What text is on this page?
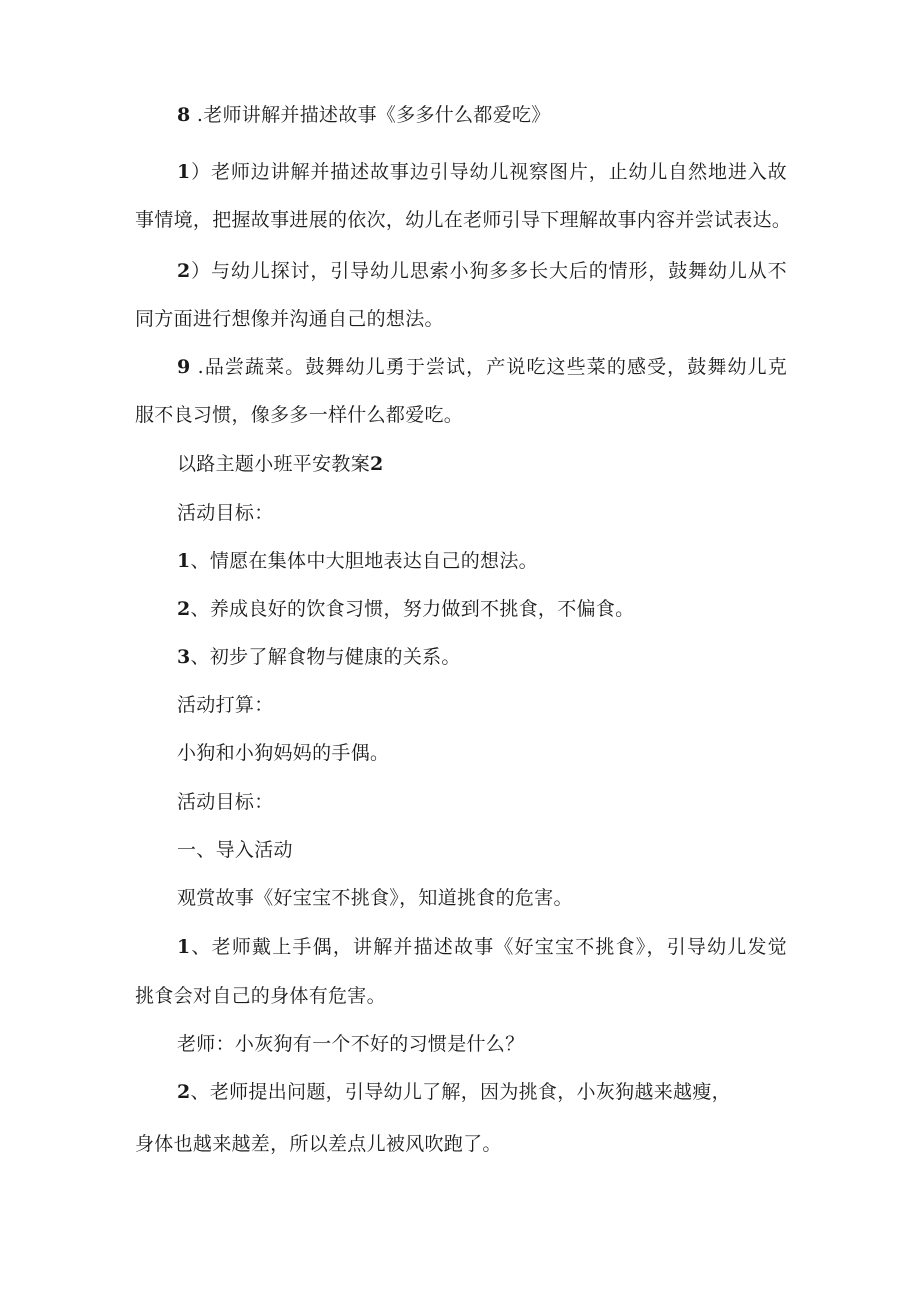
8 .老师讲解并描述故事《多多什么都爱吃》
1）老师边讲解并描述故事边引导幼儿视察图片，止幼儿自然地进入故
事情境，把握故事进展的依次，幼儿在老师引导下理解故事内容并尝试表达。
2）与幼儿探讨，引导幼儿思索小狗多多长大后的情形，鼓舞幼儿从不
同方面进行想像并沟通自己的想法。
9 .品尝蔬菜。鼓舞幼儿勇于尝试，产说吃这些菜的感受，鼓舞幼儿克
服不良习惯，像多多一样什么都爱吃。
以路主题小班平安教案2
活动目标：
1、情愿在集体中大胆地表达自己的想法。
2、养成良好的饮食习惯，努力做到不挑食，不偏食。
3、初步了解食物与健康的关系。
活动打算：
小狗和小狗妈妈的手偶。
活动目标：
一、导入活动
观赏故事《好宝宝不挑食》，知道挑食的危害。
1、老师戴上手偶，讲解并描述故事《好宝宝不挑食》，引导幼儿发觉
挑食会对自己的身体有危害。
老师：小灰狗有一个不好的习惯是什么？
2、老师提出问题，引导幼儿了解，因为挑食，小灰狗越来越瘦，
身体也越来越差，所以差点儿被风吹跑了。
